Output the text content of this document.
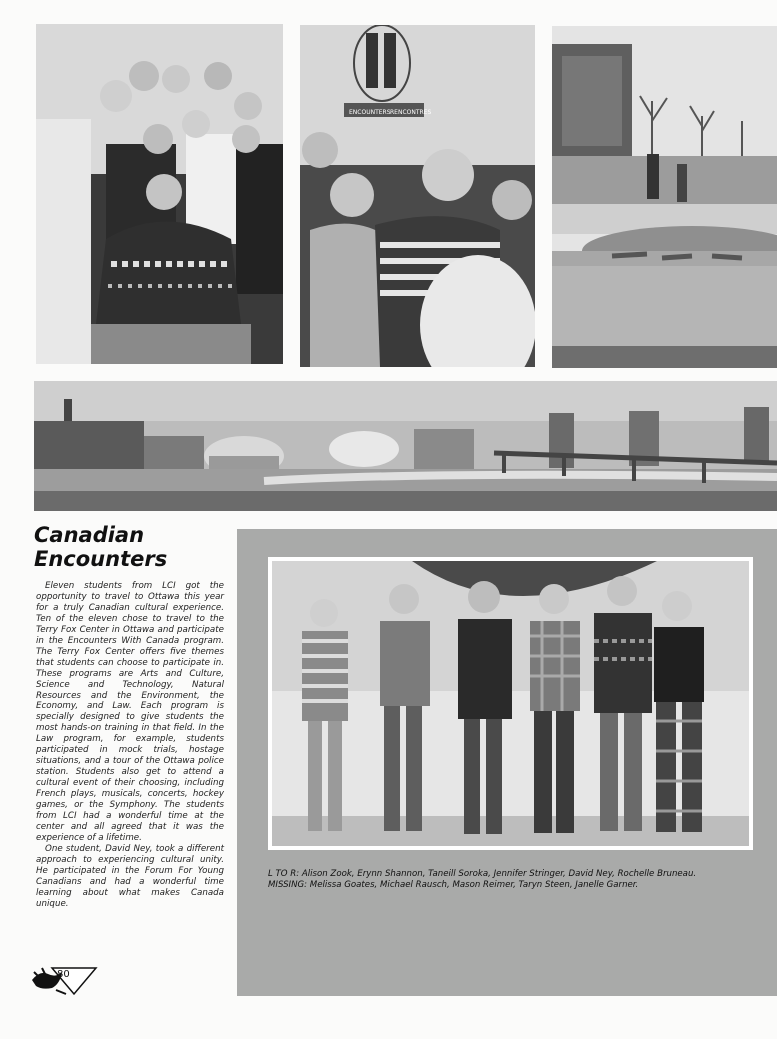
ENCOUNTERS RENCONTRES
Canadian
Encounters

Eleven students from LCI got the opportunity to travel to Ottawa this year for a truly Canadian cultural experience. Ten of the eleven chose to travel to the Terry Fox Center in Ottawa and participate in the Encounters With Canada program. The Terry Fox Center offers five themes that students can choose to participate in. These programs are Arts and Culture, Science and Technology, Natural Resources and the Environment, the Economy, and Law. Each program is specially designed to give students the most hands-on training in that field. In the Law program, for example, students participated in mock trials, hostage situations, and a tour of the Ottawa police station. Students also get to attend a cultural event of their choosing, including French plays, musicals, concerts, hockey games, or the Symphony. The students from LCI had a wonderful time at the center and all agreed that it was the experience of a lifetime.

One student, David Ney, took a different approach to experiencing cultural unity. He participated in the Forum For Young Canadians and had a wonderful time learning about what makes Canada unique.

L TO R: Alison Zook, Erynn Shannon, Taneill Soroka, Jennifer Stringer, David Ney, Rochelle Bruneau.
MISSING: Melissa Goates, Michael Rausch, Mason Reimer, Taryn Steen, Janelle Garner.
80
